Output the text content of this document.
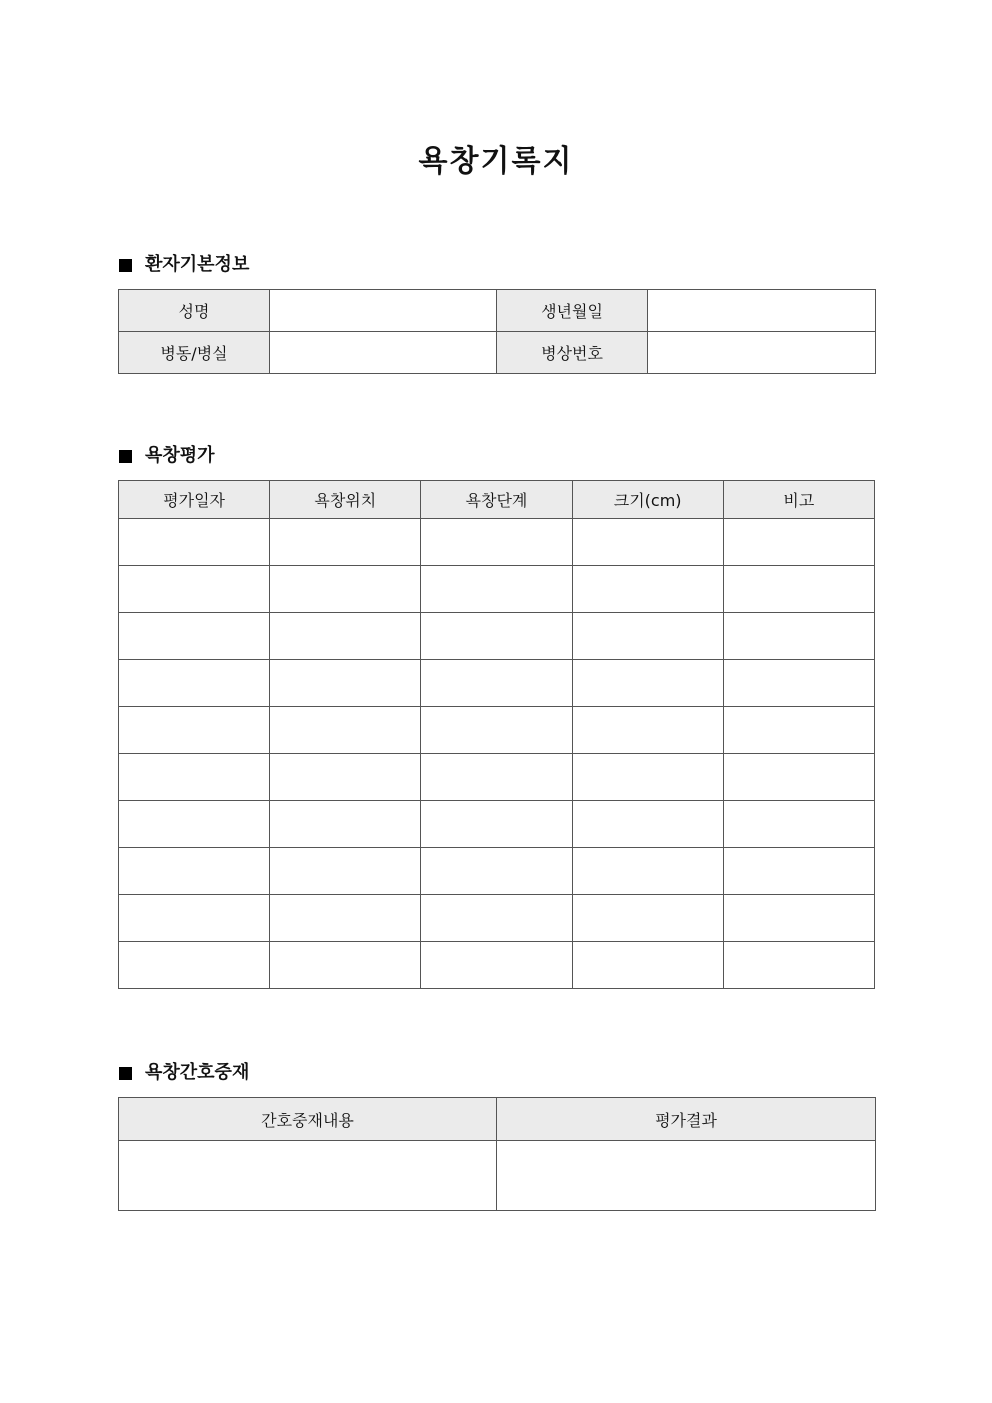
욕창기록지
환자기본정보
성명		생년월일	
병동/병실		병상번호	
욕창평가
평가일자	욕창위치	욕창단계	크기(cm)	비고

욕창간호중재
간호중재내용	평가결과
